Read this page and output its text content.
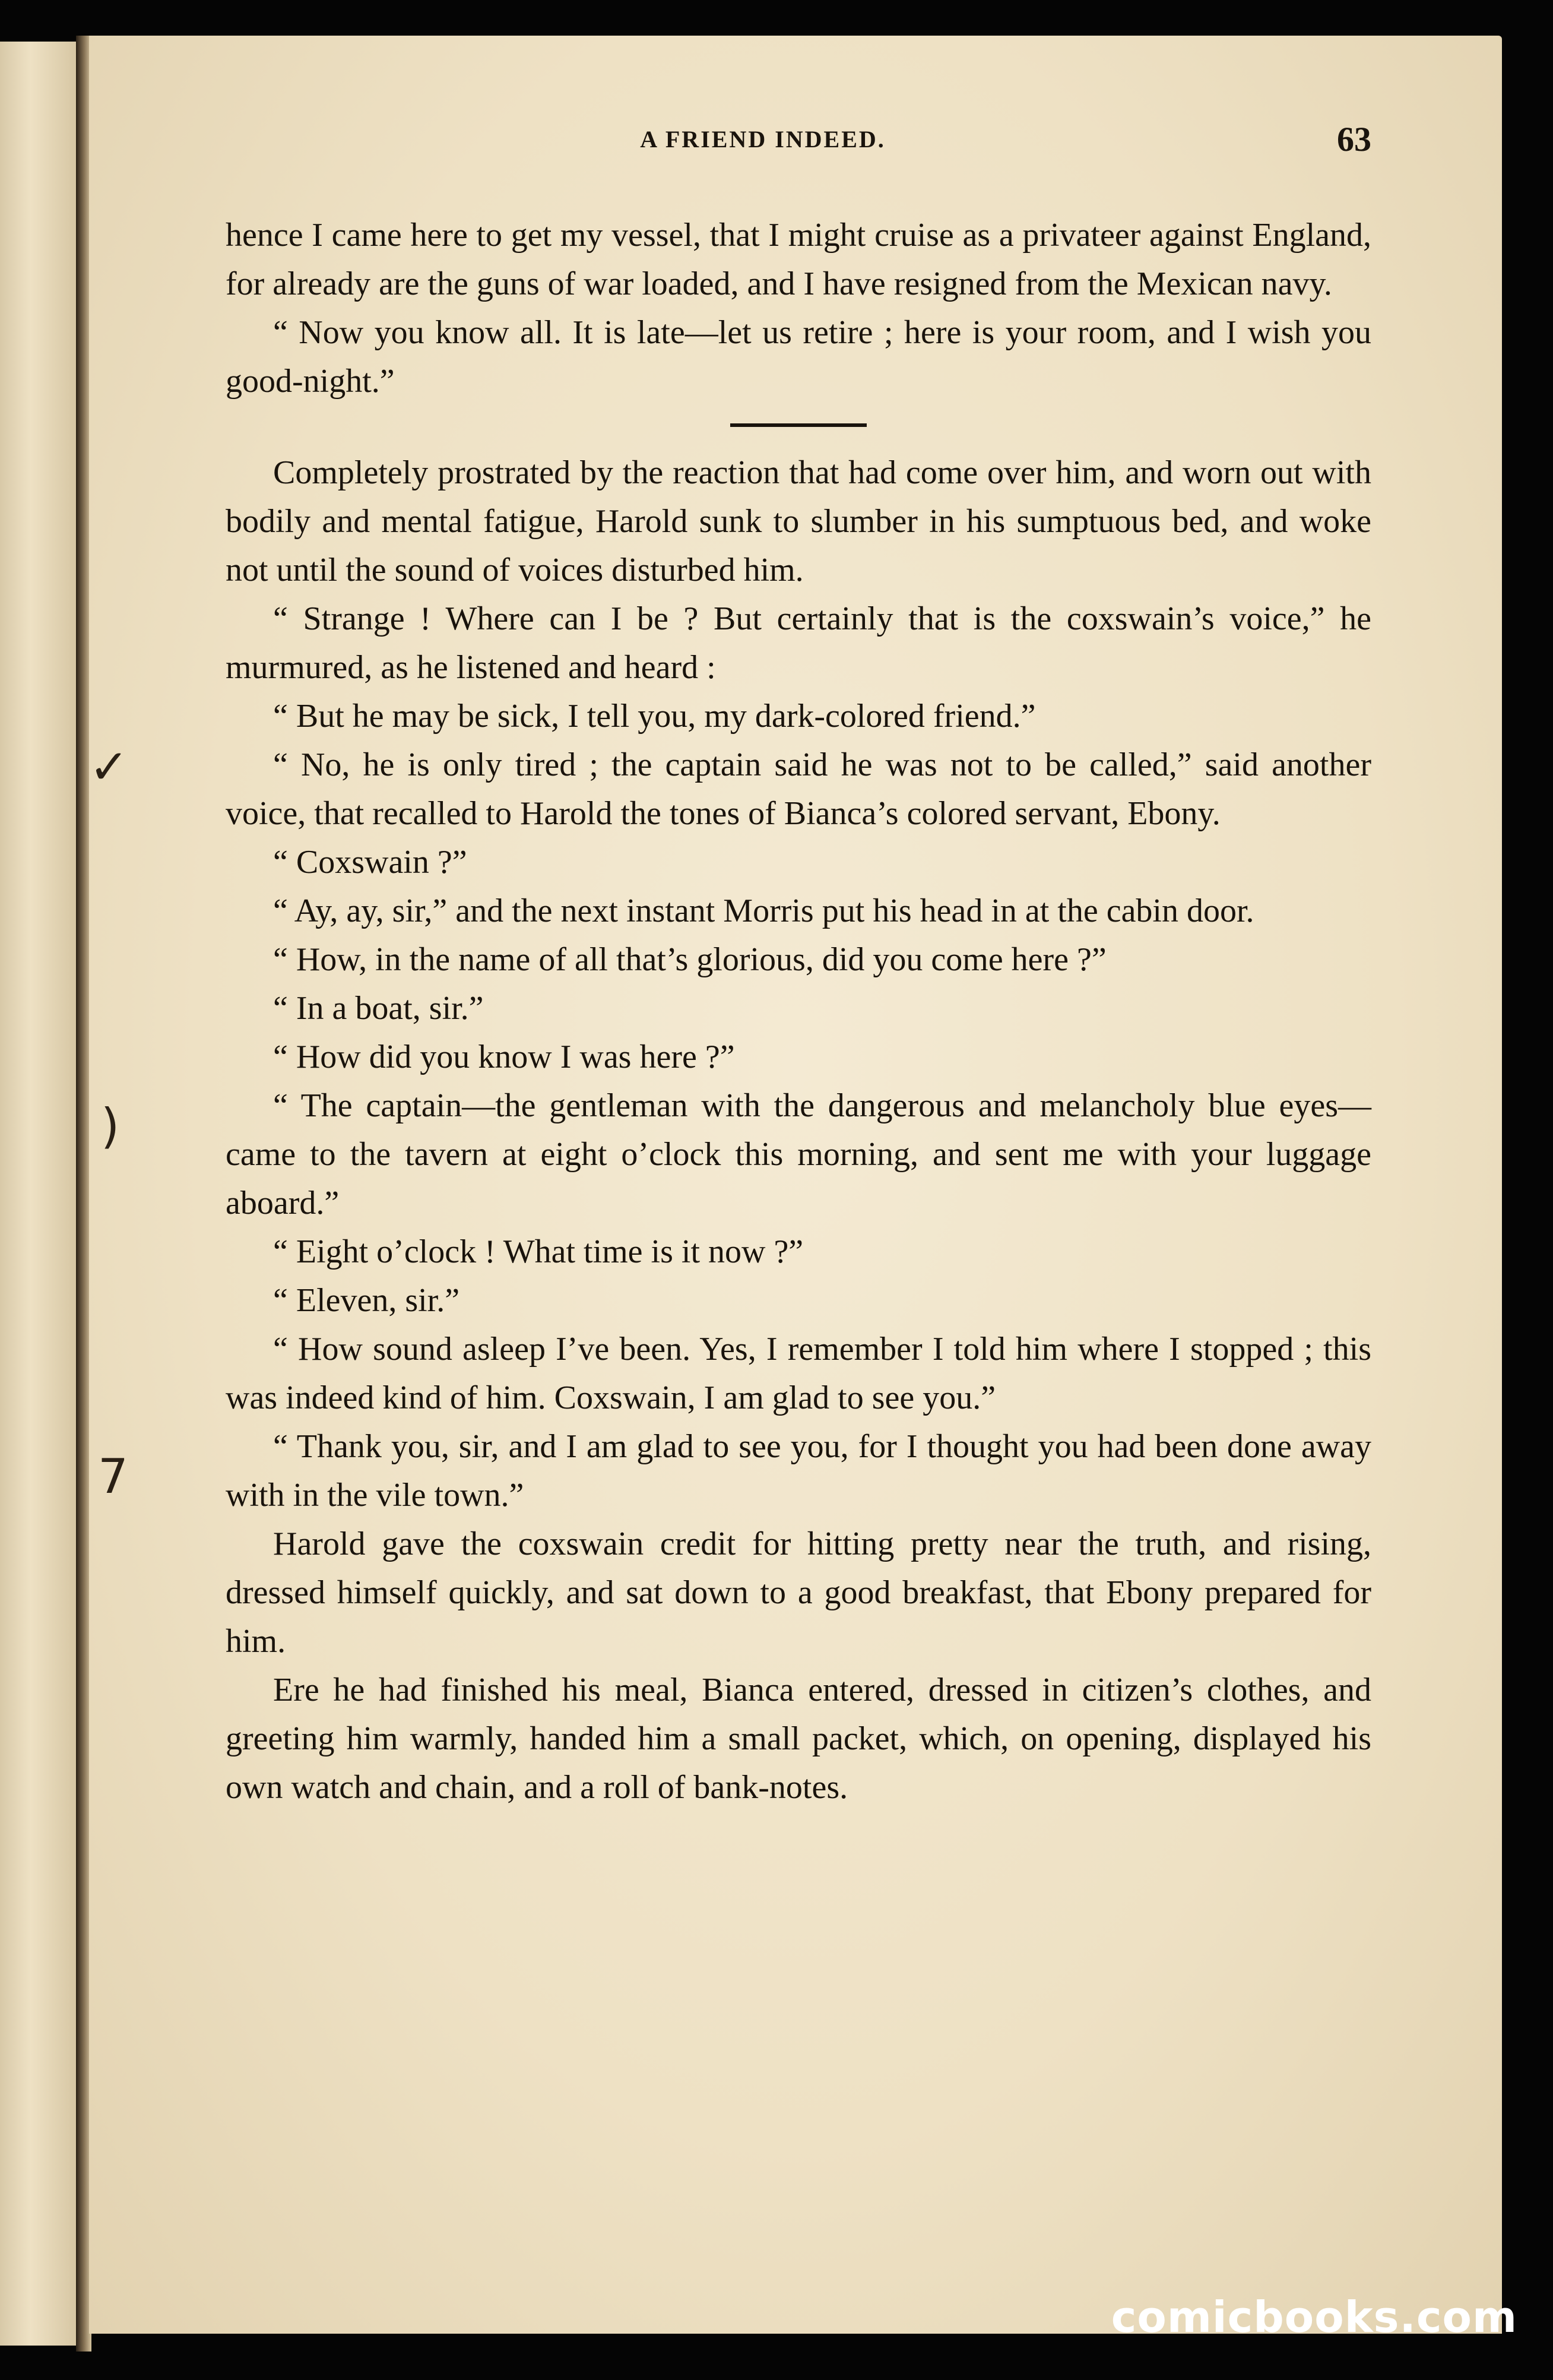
✓
)
7
A FRIEND INDEED.	63

hence I came here to get my vessel, that I might cruise as a privateer against England, for already are the guns of war loaded, and I have resigned from the Mexican navy.

“ Now you know all. It is late—let us retire ; here is your room, and I wish you good-night.”

Completely prostrated by the reaction that had come over him, and worn out with bodily and mental fatigue, Harold sunk to slumber in his sumptuous bed, and woke not until the sound of voices disturbed him.

“ Strange ! Where can I be ? But certainly that is the coxswain’s voice,” he murmured, as he listened and heard :

“ But he may be sick, I tell you, my dark-colored friend.”

“ No, he is only tired ; the captain said he was not to be called,” said another voice, that recalled to Harold the tones of Bianca’s colored servant, Ebony.

“ Coxswain ?”

“ Ay, ay, sir,” and the next instant Morris put his head in at the cabin door.

“ How, in the name of all that’s glorious, did you come here ?”

“ In a boat, sir.”

“ How did you know I was here ?”

“ The captain—the gentleman with the dangerous and melancholy blue eyes—came to the tavern at eight o’clock this morning, and sent me with your luggage aboard.”

“ Eight o’clock ! What time is it now ?”

“ Eleven, sir.”

“ How sound asleep I’ve been. Yes, I remember I told him where I stopped ; this was indeed kind of him. Coxswain, I am glad to see you.”

“ Thank you, sir, and I am glad to see you, for I thought you had been done away with in the vile town.”

Harold gave the coxswain credit for hitting pretty near the truth, and rising, dressed himself quickly, and sat down to a good breakfast, that Ebony prepared for him.

Ere he had finished his meal, Bianca entered, dressed in citizen’s clothes, and greeting him warmly, handed him a small packet, which, on opening, displayed his own watch and chain, and a roll of bank-notes.

comicbooks.com
